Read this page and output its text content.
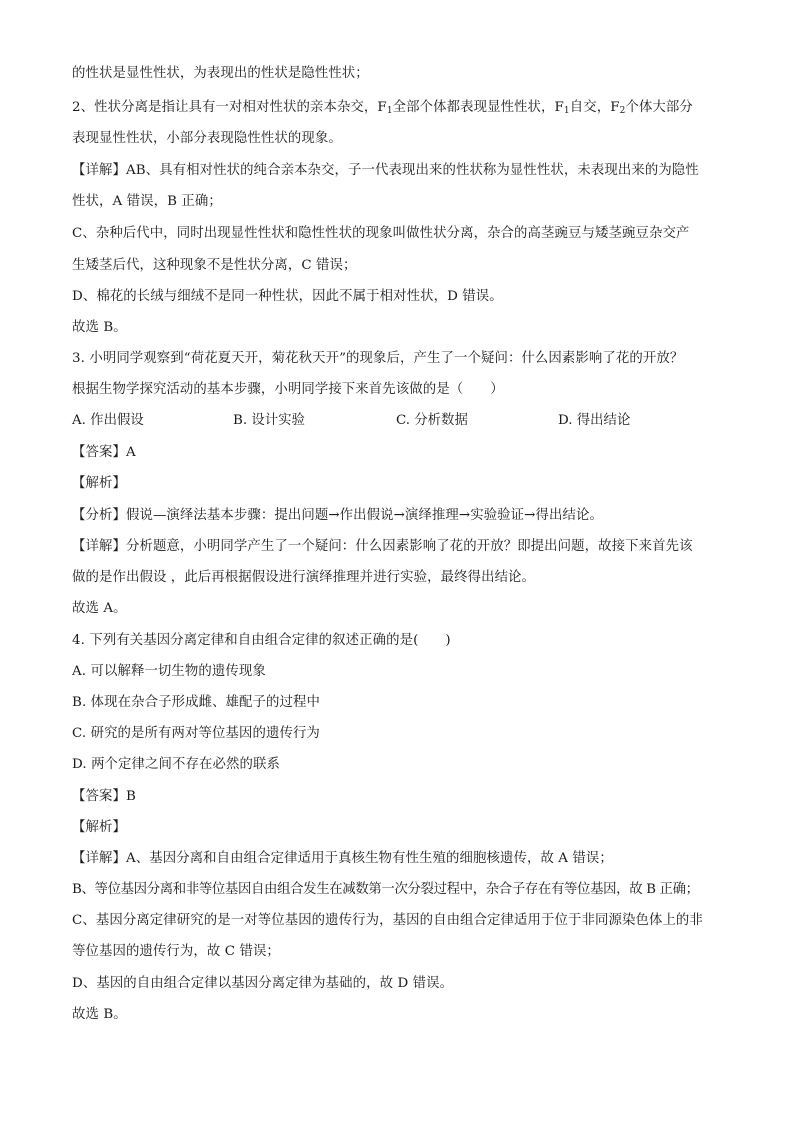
的性状是显性性状，为表现出的性状是隐性性状；
2、性状分离是指让具有一对相对性状的亲本杂交，$F_1$全部个体都表现显性性状，$F_1$自交，$F_2$个体大部分
表现显性性状，小部分表现隐性性状的现象。
【详解】AB、具有相对性状的纯合亲本杂交，子一代表现出来的性状称为显性性状，未表现出来的为隐性
性状，A 错误，B 正确；
C、杂种后代中，同时出现显性性状和隐性性状的现象叫做性状分离，杂合的高茎豌豆与矮茎豌豆杂交产
生矮茎后代，这种现象不是性状分离，C 错误；
D、棉花的长绒与细绒不是同一种性状，因此不属于相对性状，D 错误。
故选 B。
3. 小明同学观察到“荷花夏天开，菊花秋天开”的现象后，产生了一个疑问：什么因素影响了花的开放？
根据生物学探究活动的基本步骤，小明同学接下来首先该做的是（　　）
A. 作出假设	B. 设计实验	C. 分析数据	D. 得出结论
【答案】A
【解析】
【分析】假说—演绎法基本步骤：提出问题→作出假说→演绎推理→实验验证→得出结论。
【详解】分析题意，小明同学产生了一个疑问：什么因素影响了花的开放？即提出问题，故接下来首先该
做的是作出假设 ，此后再根据假设进行演绎推理并进行实验，最终得出结论。
故选 A。
4. 下列有关基因分离定律和自由组合定律的叙述正确的是(　　)
A. 可以解释一切生物的遗传现象
B. 体现在杂合子形成雌、雄配子的过程中
C. 研究的是所有两对等位基因的遗传行为
D. 两个定律之间不存在必然的联系
【答案】B
【解析】
【详解】A、基因分离和自由组合定律适用于真核生物有性生殖的细胞核遗传，故 A 错误；
B、等位基因分离和非等位基因自由组合发生在减数第一次分裂过程中，杂合子存在有等位基因，故 B 正确；
C、基因分离定律研究的是一对等位基因的遗传行为，基因的自由组合定律适用于位于非同源染色体上的非
等位基因的遗传行为，故 C 错误；
D、基因的自由组合定律以基因分离定律为基础的，故 D 错误。
故选 B。
